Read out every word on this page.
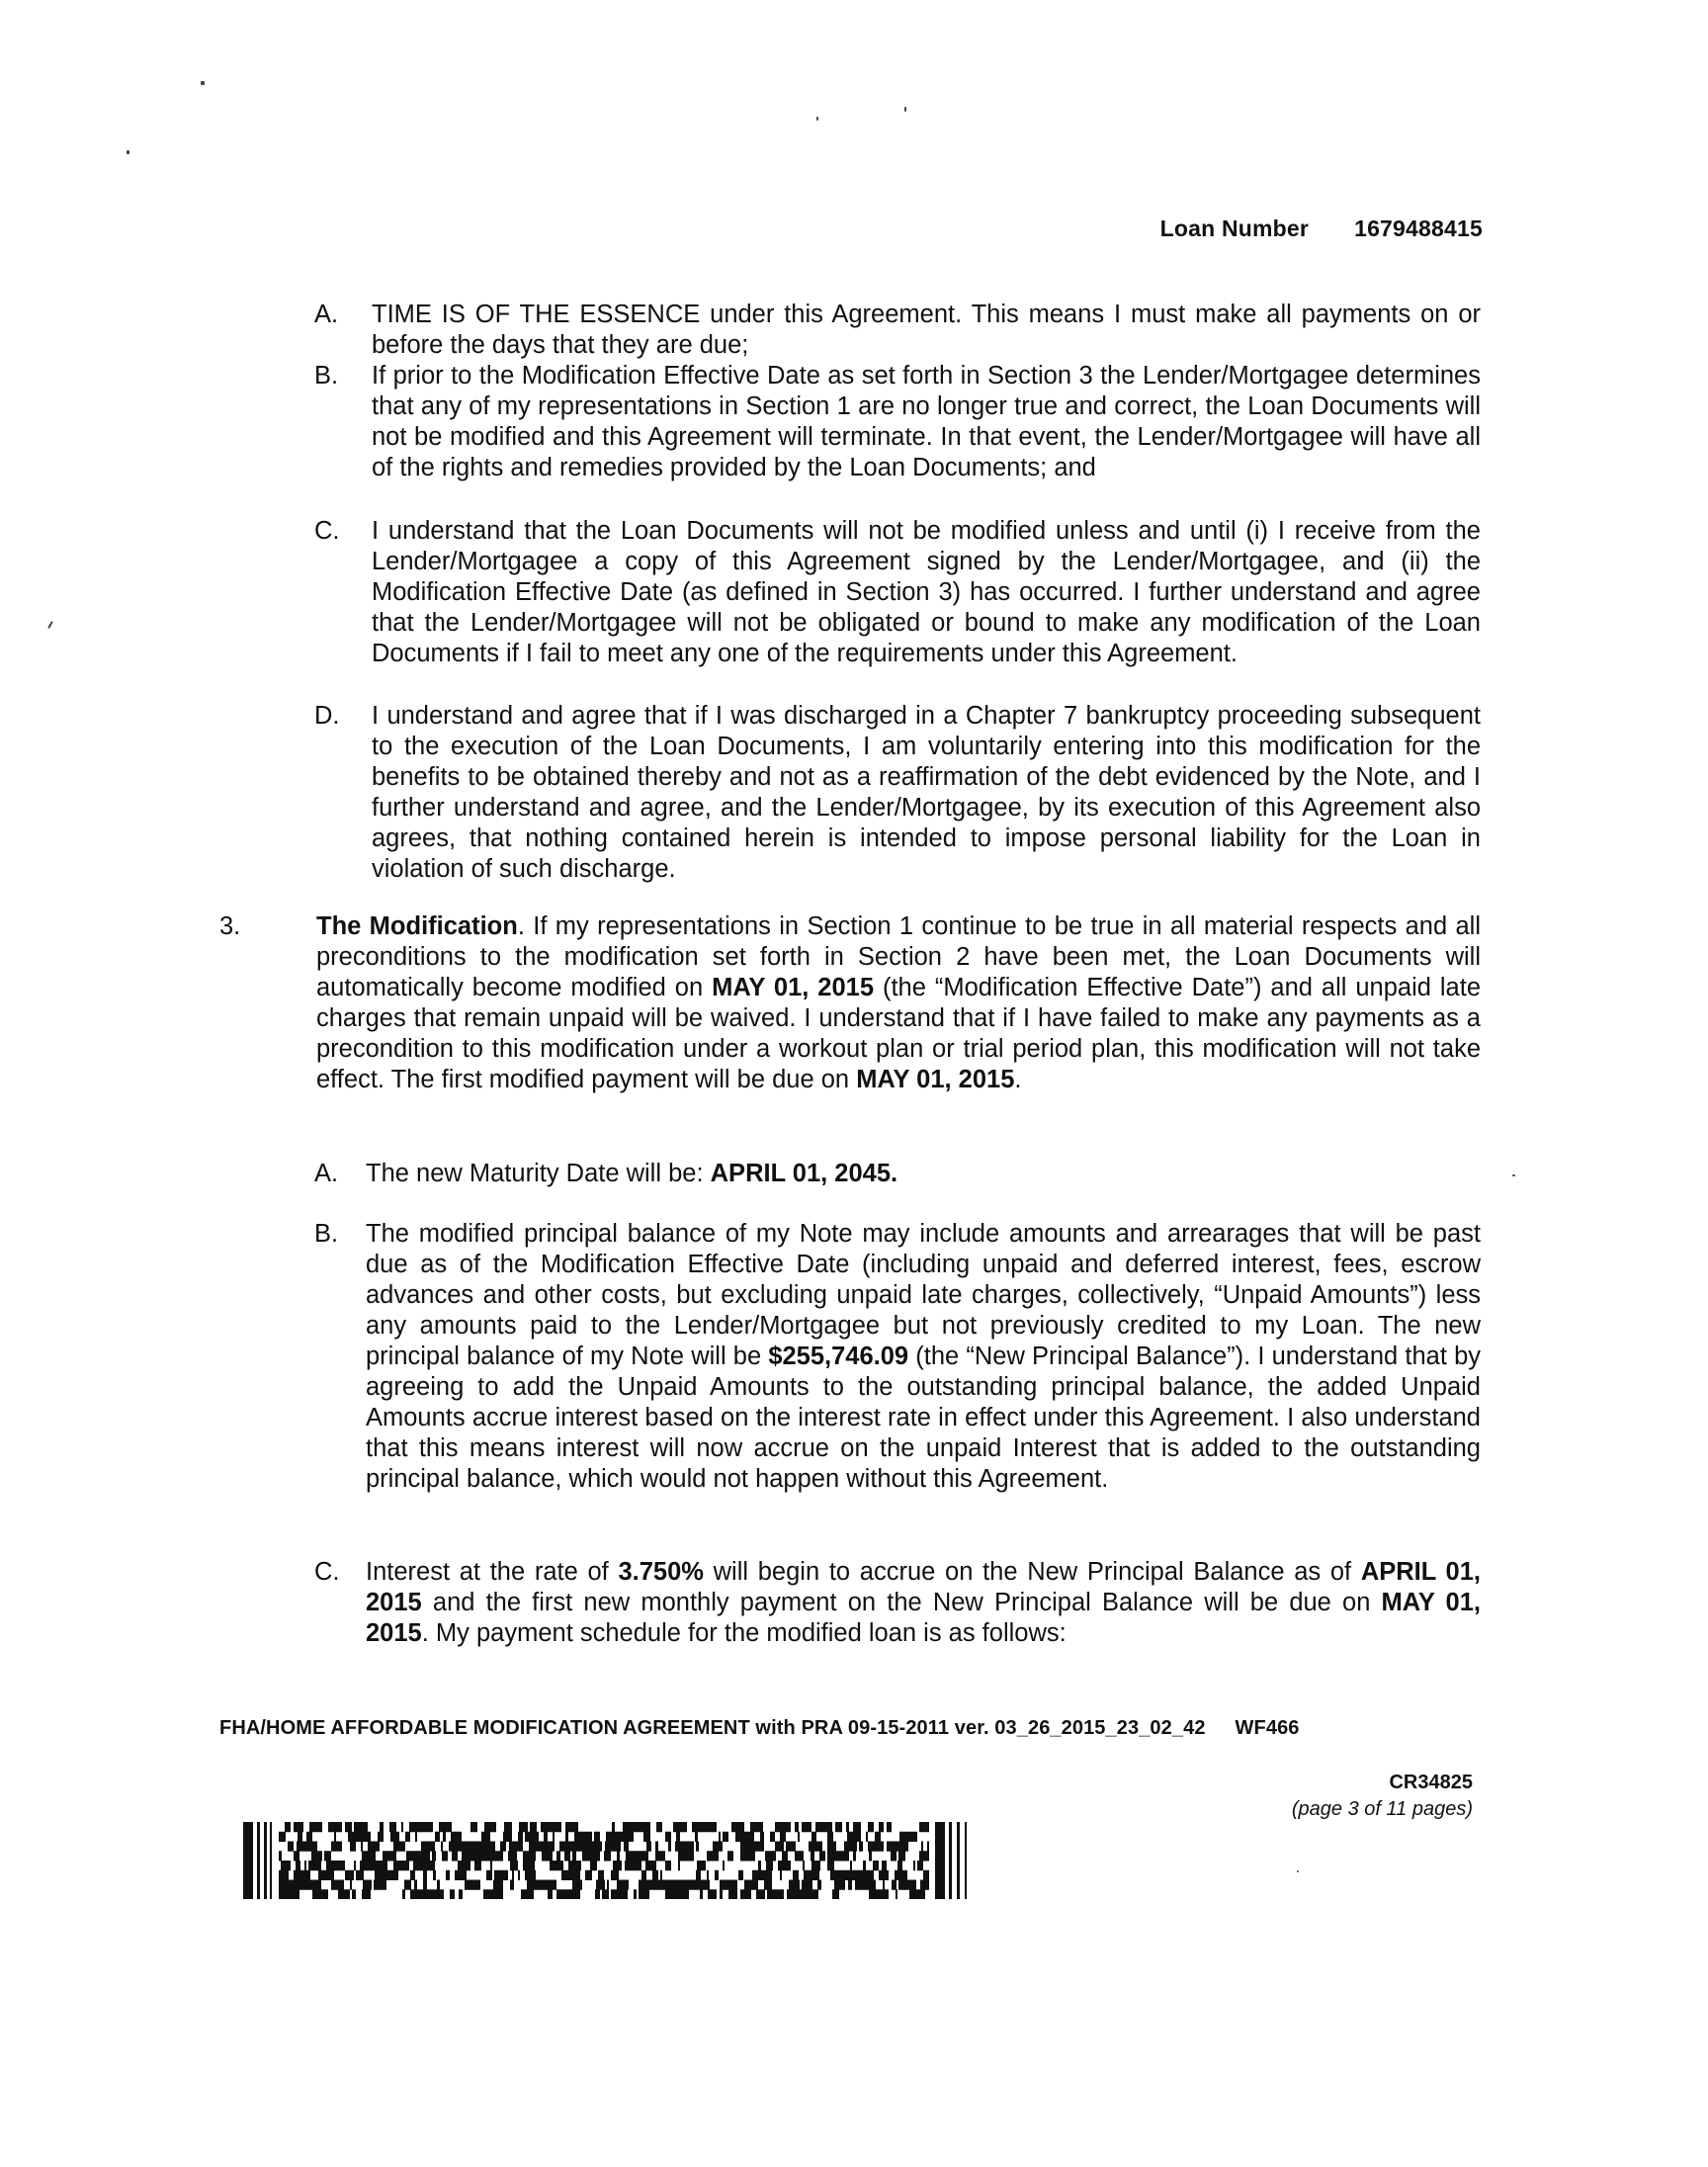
Loan Number 1679488415
A. TIME IS OF THE ESSENCE under this Agreement. This means I must make all payments on or before the days that they are due;
B. If prior to the Modification Effective Date as set forth in Section 3 the Lender/Mortgagee determines that any of my representations in Section 1 are no longer true and correct, the Loan Documents will not be modified and this Agreement will terminate. In that event, the Lender/Mortgagee will have all of the rights and remedies provided by the Loan Documents; and
C. I understand that the Loan Documents will not be modified unless and until (i) I receive from the Lender/Mortgagee a copy of this Agreement signed by the Lender/Mortgagee, and (ii) the Modification Effective Date (as defined in Section 3) has occurred. I further understand and agree that the Lender/Mortgagee will not be obligated or bound to make any modification of the Loan Documents if I fail to meet any one of the requirements under this Agreement.
D. I understand and agree that if I was discharged in a Chapter 7 bankruptcy proceeding subsequent to the execution of the Loan Documents, I am voluntarily entering into this modification for the benefits to be obtained thereby and not as a reaffirmation of the debt evidenced by the Note, and I further understand and agree, and the Lender/Mortgagee, by its execution of this Agreement also agrees, that nothing contained herein is intended to impose personal liability for the Loan in violation of such discharge.
3.	The Modification. If my representations in Section 1 continue to be true in all material respects and all preconditions to the modification set forth in Section 2 have been met, the Loan Documents will automatically become modified on MAY 01, 2015 (the “Modification Effective Date”) and all unpaid late charges that remain unpaid will be waived. I understand that if I have failed to make any payments as a precondition to this modification under a workout plan or trial period plan, this modification will not take effect. The first modified payment will be due on MAY 01, 2015.
A. The new Maturity Date will be: APRIL 01, 2045.
B. The modified principal balance of my Note may include amounts and arrearages that will be past due as of the Modification Effective Date (including unpaid and deferred interest, fees, escrow advances and other costs, but excluding unpaid late charges, collectively, “Unpaid Amounts”) less any amounts paid to the Lender/Mortgagee but not previously credited to my Loan. The new principal balance of my Note will be $255,746.09 (the “New Principal Balance”). I understand that by agreeing to add the Unpaid Amounts to the outstanding principal balance, the added Unpaid Amounts accrue interest based on the interest rate in effect under this Agreement. I also understand that this means interest will now accrue on the unpaid Interest that is added to the outstanding principal balance, which would not happen without this Agreement.
C. Interest at the rate of 3.750% will begin to accrue on the New Principal Balance as of APRIL 01, 2015 and the first new monthly payment on the New Principal Balance will be due on MAY 01, 2015. My payment schedule for the modified loan is as follows:
FHA/HOME AFFORDABLE MODIFICATION AGREEMENT with PRA 09-15-2011 ver. 03_26_2015_23_02_42 WF466
CR34825
(page 3 of 11 pages)
